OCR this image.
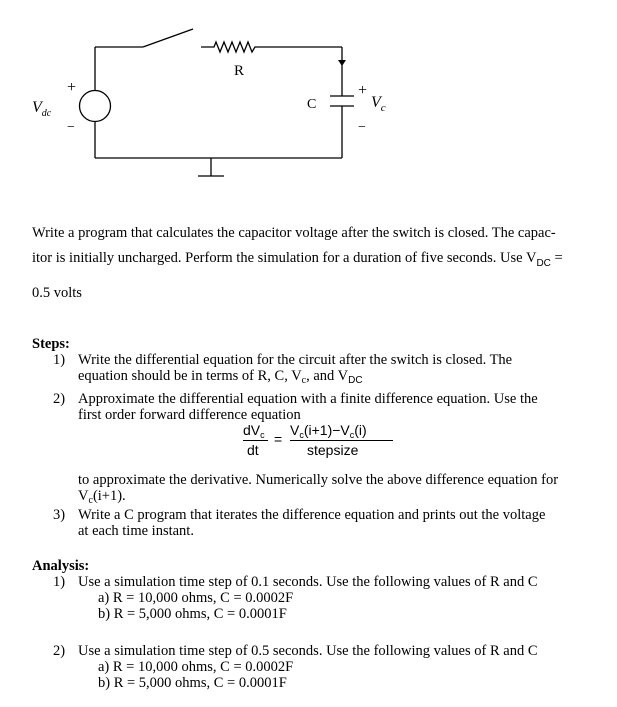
R
C
+
−
+
−
$V_{dc}$
$V_c$
Write a program that calculates the capacitor voltage after the switch is closed. The capac-
itor is initially uncharged. Perform the simulation for a duration of five seconds. Use $V_{DC}$ =
0.5 volts
Steps:
1) Write the differential equation for the circuit after the switch is closed. The
equation should be in terms of R, C, $V_c$, and $V_{DC}$
2) Approximate the differential equation with a finite difference equation. Use the
first order forward difference equation
$dV_c$
dt
=
$V_c(i+1)-V_c(i)$
stepsize
to approximate the derivative. Numerically solve the above difference equation for
$V_c(i+1)$.
3) Write a C program that iterates the difference equation and prints out the voltage
at each time instant.
Analysis:
1) Use a simulation time step of 0.1 seconds. Use the following values of R and C
a) R = 10,000 ohms, C = 0.0002F
b) R = 5,000 ohms, C = 0.0001F
2) Use a simulation time step of 0.5 seconds. Use the following values of R and C
a) R = 10,000 ohms, C = 0.0002F
b) R = 5,000 ohms, C = 0.0001F
